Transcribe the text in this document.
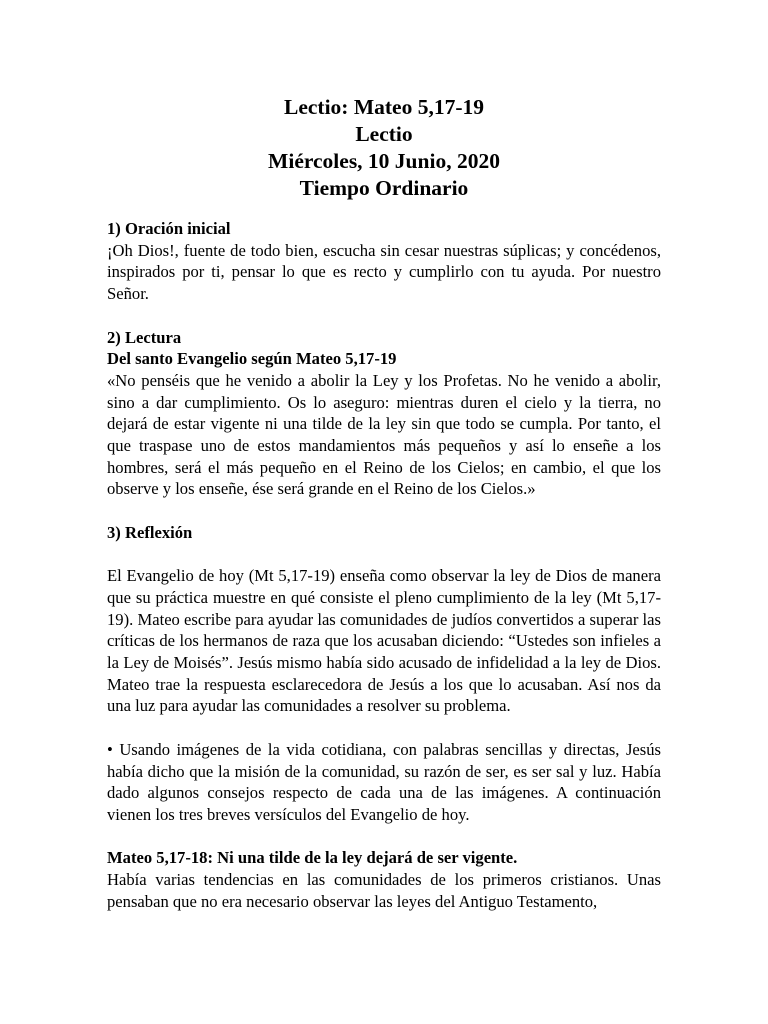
Lectio: Mateo 5,17-19
Lectio
Miércoles, 10 Junio, 2020
Tiempo Ordinario

1) Oración inicial

¡Oh Dios!, fuente de todo bien, escucha sin cesar nuestras súplicas; y concédenos, inspirados por ti, pensar lo que es recto y cumplirlo con tu ayuda. Por nuestro Señor.

2) Lectura

Del santo Evangelio según Mateo 5,17-19

«No penséis que he venido a abolir la Ley y los Profetas. No he venido a abolir, sino a dar cumplimiento. Os lo aseguro: mientras duren el cielo y la tierra, no dejará de estar vigente ni una tilde de la ley sin que todo se cumpla. Por tanto, el que traspase uno de estos mandamientos más pequeños y así lo enseñe a los hombres, será el más pequeño en el Reino de los Cielos; en cambio, el que los observe y los enseñe, ése será grande en el Reino de los Cielos.»

3) Reflexión

El Evangelio de hoy (Mt 5,17-19) enseña como observar la ley de Dios de manera que su práctica muestre en qué consiste el pleno cumplimiento de la ley (Mt 5,17-19). Mateo escribe para ayudar las comunidades de judíos convertidos a superar las críticas de los hermanos de raza que los acusaban diciendo: “Ustedes son infieles a la Ley de Moisés”. Jesús mismo había sido acusado de infidelidad a la ley de Dios. Mateo trae la respuesta esclarecedora de Jesús a los que lo acusaban. Así nos da una luz para ayudar las comunidades a resolver su problema.

• Usando imágenes de la vida cotidiana, con palabras sencillas y directas, Jesús había dicho que la misión de la comunidad, su razón de ser, es ser sal y luz. Había dado algunos consejos respecto de cada una de las imágenes. A continuación vienen los tres breves versículos del Evangelio de hoy.

Mateo 5,17-18: Ni una tilde de la ley dejará de ser vigente.

Había varias tendencias en las comunidades de los primeros cristianos. Unas pensaban que no era necesario observar las leyes del Antiguo Testamento,
